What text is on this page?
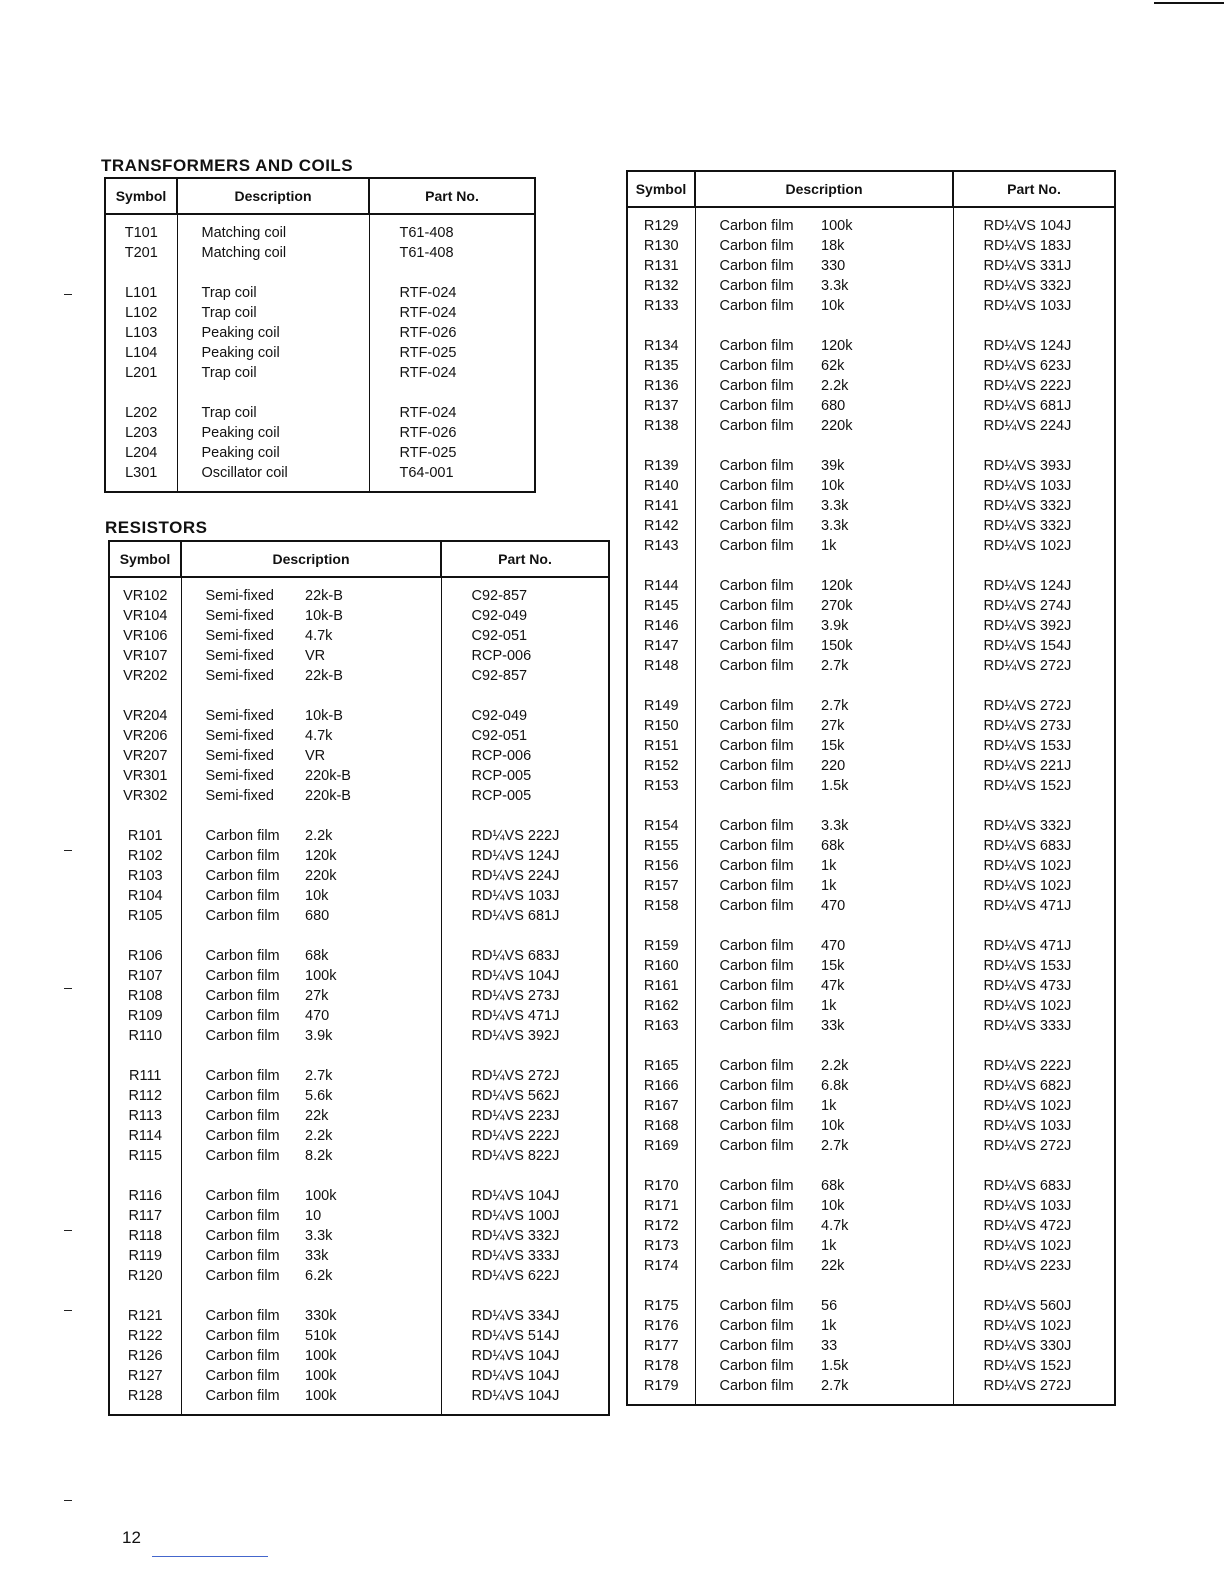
TRANSFORMERS AND COILS
Symbol	Description		Part No.

T101	Matching coil		T61-408
T201	Matching coil		T61-408

L101	Trap coil		RTF-024
L102	Trap coil		RTF-024
L103	Peaking coil		RTF-026
L104	Peaking coil		RTF-025
L201	Trap coil		RTF-024

L202	Trap coil		RTF-024
L203	Peaking coil		RTF-026
L204	Peaking coil		RTF-025
L301	Oscillator coil		T64-001

RESISTORS
Symbol	Description		Part No.

VR102	Semi-fixed	22k-B	C92-857
VR104	Semi-fixed	10k-B	C92-049
VR106	Semi-fixed	4.7k	C92-051
VR107	Semi-fixed	VR	RCP-006
VR202	Semi-fixed	22k-B	C92-857

VR204	Semi-fixed	10k-B	C92-049
VR206	Semi-fixed	4.7k	C92-051
VR207	Semi-fixed	VR	RCP-006
VR301	Semi-fixed	220k-B	RCP-005
VR302	Semi-fixed	220k-B	RCP-005

R101	Carbon film	2.2k	RD¼VS 222J
R102	Carbon film	120k	RD¼VS 124J
R103	Carbon film	220k	RD¼VS 224J
R104	Carbon film	10k	RD¼VS 103J
R105	Carbon film	680	RD¼VS 681J

R106	Carbon film	68k	RD¼VS 683J
R107	Carbon film	100k	RD¼VS 104J
R108	Carbon film	27k	RD¼VS 273J
R109	Carbon film	470	RD¼VS 471J
R110	Carbon film	3.9k	RD¼VS 392J

R111	Carbon film	2.7k	RD¼VS 272J
R112	Carbon film	5.6k	RD¼VS 562J
R113	Carbon film	22k	RD¼VS 223J
R114	Carbon film	2.2k	RD¼VS 222J
R115	Carbon film	8.2k	RD¼VS 822J

R116	Carbon film	100k	RD¼VS 104J
R117	Carbon film	10	RD¼VS 100J
R118	Carbon film	3.3k	RD¼VS 332J
R119	Carbon film	33k	RD¼VS 333J
R120	Carbon film	6.2k	RD¼VS 622J

R121	Carbon film	330k	RD¼VS 334J
R122	Carbon film	510k	RD¼VS 514J
R126	Carbon film	100k	RD¼VS 104J
R127	Carbon film	100k	RD¼VS 104J
R128	Carbon film	100k	RD¼VS 104J

Symbol	Description		Part No.

R129	Carbon film	100k	RD¼VS 104J
R130	Carbon film	18k	RD¼VS 183J
R131	Carbon film	330	RD¼VS 331J
R132	Carbon film	3.3k	RD¼VS 332J
R133	Carbon film	10k	RD¼VS 103J

R134	Carbon film	120k	RD¼VS 124J
R135	Carbon film	62k	RD¼VS 623J
R136	Carbon film	2.2k	RD¼VS 222J
R137	Carbon film	680	RD¼VS 681J
R138	Carbon film	220k	RD¼VS 224J

R139	Carbon film	39k	RD¼VS 393J
R140	Carbon film	10k	RD¼VS 103J
R141	Carbon film	3.3k	RD¼VS 332J
R142	Carbon film	3.3k	RD¼VS 332J
R143	Carbon film	1k	RD¼VS 102J

R144	Carbon film	120k	RD¼VS 124J
R145	Carbon film	270k	RD¼VS 274J
R146	Carbon film	3.9k	RD¼VS 392J
R147	Carbon film	150k	RD¼VS 154J
R148	Carbon film	2.7k	RD¼VS 272J

R149	Carbon film	2.7k	RD¼VS 272J
R150	Carbon film	27k	RD¼VS 273J
R151	Carbon film	15k	RD¼VS 153J
R152	Carbon film	220	RD¼VS 221J
R153	Carbon film	1.5k	RD¼VS 152J

R154	Carbon film	3.3k	RD¼VS 332J
R155	Carbon film	68k	RD¼VS 683J
R156	Carbon film	1k	RD¼VS 102J
R157	Carbon film	1k	RD¼VS 102J
R158	Carbon film	470	RD¼VS 471J

R159	Carbon film	470	RD¼VS 471J
R160	Carbon film	15k	RD¼VS 153J
R161	Carbon film	47k	RD¼VS 473J
R162	Carbon film	1k	RD¼VS 102J
R163	Carbon film	33k	RD¼VS 333J

R165	Carbon film	2.2k	RD¼VS 222J
R166	Carbon film	6.8k	RD¼VS 682J
R167	Carbon film	1k	RD¼VS 102J
R168	Carbon film	10k	RD¼VS 103J
R169	Carbon film	2.7k	RD¼VS 272J

R170	Carbon film	68k	RD¼VS 683J
R171	Carbon film	10k	RD¼VS 103J
R172	Carbon film	4.7k	RD¼VS 472J
R173	Carbon film	1k	RD¼VS 102J
R174	Carbon film	22k	RD¼VS 223J

R175	Carbon film	56	RD¼VS 560J
R176	Carbon film	1k	RD¼VS 102J
R177	Carbon film	33	RD¼VS 330J
R178	Carbon film	1.5k	RD¼VS 152J
R179	Carbon film	2.7k	RD¼VS 272J

12
